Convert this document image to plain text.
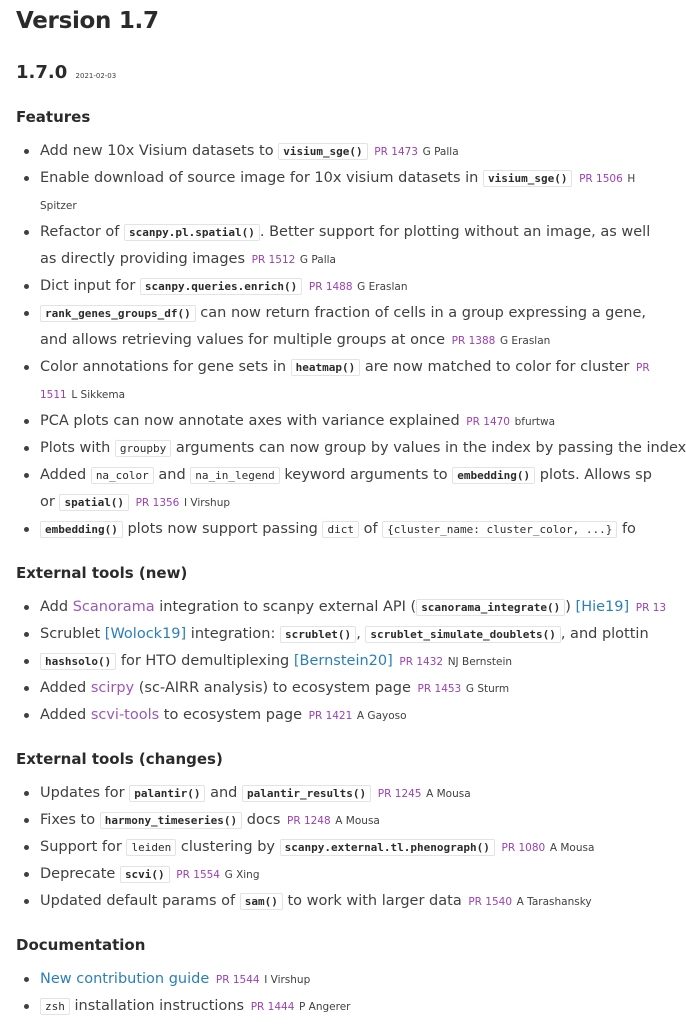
Version 1.7
1.7.0 2021-02-03
Features
Add new 10x Visium datasets to visium_sge() PR 1473 G Palla
Enable download of source image for 10x visium datasets in visium_sge() PR 1506 H Spitzer
Refactor of scanpy.pl.spatial() . Better support for plotting without an image, as well as directly providing images PR 1512 G Palla
Dict input for scanpy.queries.enrich() PR 1488 G Eraslan
rank_genes_groups_df() can now return fraction of cells in a group expressing a gene, and allows retrieving values for multiple groups at once PR 1388 G Eraslan
Color annotations for gene sets in heatmap() are now matched to color for cluster PR 1511 L Sikkema
PCA plots can now annotate axes with variance explained PR 1470 bfurtwa
Plots with groupby arguments can now group by values in the index by passing the index
Added na_color and na_in_legend keyword arguments to embedding() plots. Allows sp
or spatial() PR 1356 I Virshup
embedding() plots now support passing dict of {cluster_name: cluster_color, ...} fo
External tools (new)
Add Scanorama integration to scanpy external API ( scanorama_integrate() ) [Hie19] PR 13
Scrublet [Wolock19] integration: scrublet() , scrublet_simulate_doublets() , and plottin
hashsolo() for HTO demultiplexing [Bernstein20] PR 1432 NJ Bernstein
Added scirpy (sc-AIRR analysis) to ecosystem page PR 1453 G Sturm
Added scvi-tools to ecosystem page PR 1421 A Gayoso
External tools (changes)
Updates for palantir() and palantir_results() PR 1245 A Mousa
Fixes to harmony_timeseries() docs PR 1248 A Mousa
Support for leiden clustering by scanpy.external.tl.phenograph() PR 1080 A Mousa
Deprecate scvi() PR 1554 G Xing
Updated default params of sam() to work with larger data PR 1540 A Tarashansky
Documentation
New contribution guide PR 1544 I Virshup
zsh installation instructions PR 1444 P Angerer
